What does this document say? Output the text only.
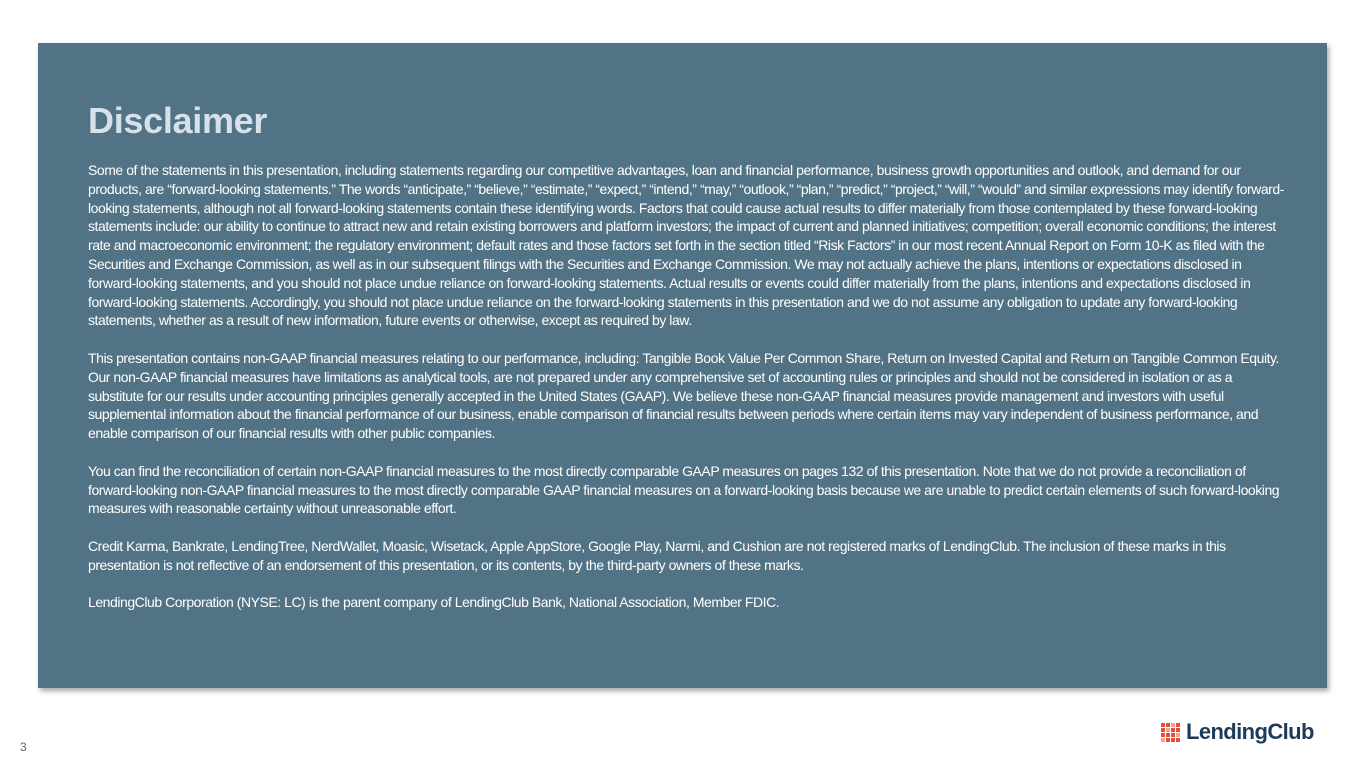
Disclaimer

Some of the statements in this presentation, including statements regarding our competitive advantages, loan and financial performance, business growth opportunities and outlook, and demand for our products, are “forward-looking statements.” The words “anticipate,” “believe,” “estimate,” “expect,” “intend,” “may,” “outlook,” “plan,” “predict,” “project,” “will,” “would” and similar expressions may identify forward-looking statements, although not all forward-looking statements contain these identifying words. Factors that could cause actual results to differ materially from those contemplated by these forward-looking statements include: our ability to continue to attract new and retain existing borrowers and platform investors; the impact of current and planned initiatives; competition; overall economic conditions; the interest rate and macroeconomic environment; the regulatory environment; default rates and those factors set forth in the section titled “Risk Factors” in our most recent Annual Report on Form 10-K as filed with the Securities and Exchange Commission, as well as in our subsequent filings with the Securities and Exchange Commission. We may not actually achieve the plans, intentions or expectations disclosed in forward-looking statements, and you should not place undue reliance on forward-looking statements. Actual results or events could differ materially from the plans, intentions and expectations disclosed in forward-looking statements. Accordingly, you should not place undue reliance on the forward-looking statements in this presentation and we do not assume any obligation to update any forward-looking statements, whether as a result of new information, future events or otherwise, except as required by law.

This presentation contains non-GAAP financial measures relating to our performance, including: Tangible Book Value Per Common Share, Return on Invested Capital and Return on Tangible Common Equity. Our non-GAAP financial measures have limitations as analytical tools, are not prepared under any comprehensive set of accounting rules or principles and should not be considered in isolation or as a substitute for our results under accounting principles generally accepted in the United States (GAAP). We believe these non-GAAP financial measures provide management and investors with useful supplemental information about the financial performance of our business, enable comparison of financial results between periods where certain items may vary independent of business performance, and enable comparison of our financial results with other public companies.

You can find the reconciliation of certain non-GAAP financial measures to the most directly comparable GAAP measures on pages 132 of this presentation. Note that we do not provide a reconciliation of forward-looking non-GAAP financial measures to the most directly comparable GAAP financial measures on a forward-looking basis because we are unable to predict certain elements of such forward-looking measures with reasonable certainty without unreasonable effort.

Credit Karma, Bankrate, LendingTree, NerdWallet, Moasic, Wisetack, Apple AppStore, Google Play, Narmi, and Cushion are not registered marks of LendingClub. The inclusion of these marks in this presentation is not reflective of an endorsement of this presentation, or its contents, by the third-party owners of these marks.

LendingClub Corporation (NYSE: LC) is the parent company of LendingClub Bank, National Association, Member FDIC.

3
LendingClub
